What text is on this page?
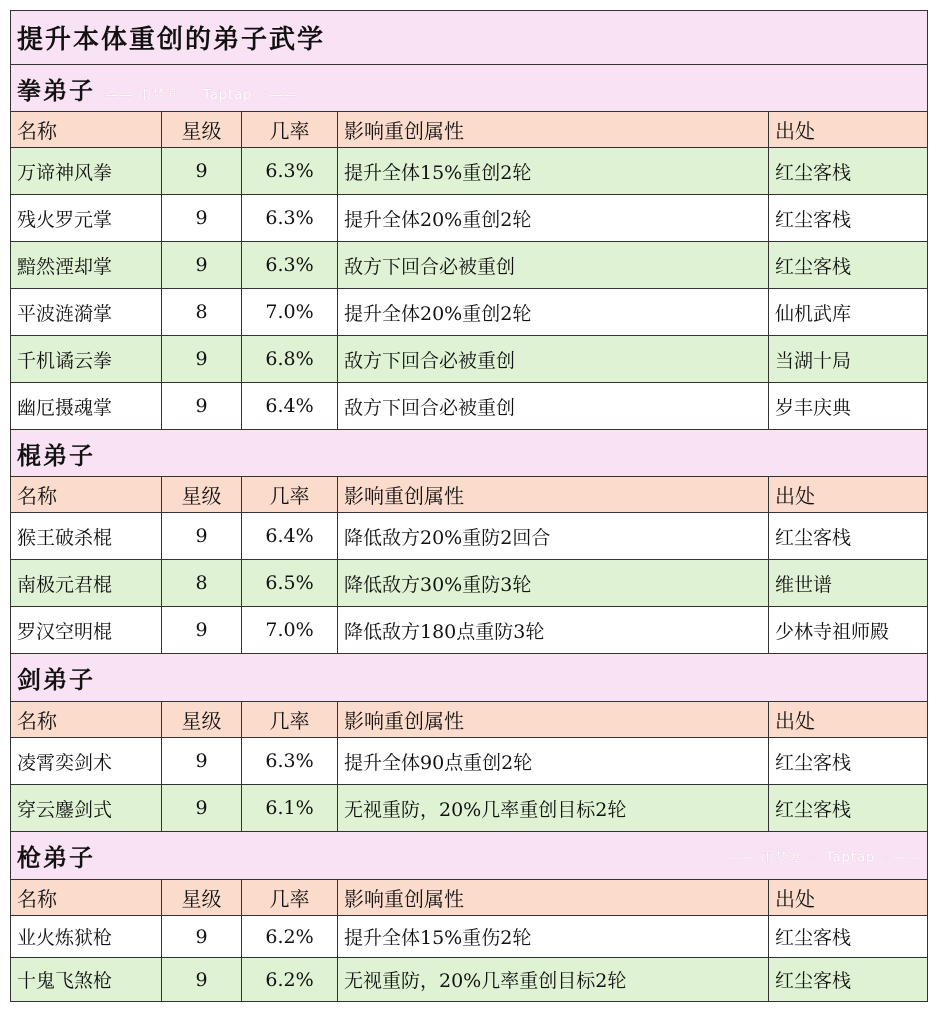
提升本体重创的弟子武学				
拳弟子 —— 雨梦寒 ☆ Taptap ☆——				
名称	星级	几率	影响重创属性	出处
万谛神风拳	9	6.3%	提升全体15%重创2轮	红尘客栈
残火罗元掌	9	6.3%	提升全体20%重创2轮	红尘客栈
黯然湮却掌	9	6.3%	敌方下回合必被重创	红尘客栈
平波涟漪掌	8	7.0%	提升全体20%重创2轮	仙机武库
千机谲云拳	9	6.8%	敌方下回合必被重创	当湖十局
幽厄摄魂掌	9	6.4%	敌方下回合必被重创	岁丰庆典
棍弟子				
名称	星级	几率	影响重创属性	出处
猴王破杀棍	9	6.4%	降低敌方20%重防2回合	红尘客栈
南极元君棍	8	6.5%	降低敌方30%重防3轮	维世谱
罗汉空明棍	9	7.0%	降低敌方180点重防3轮	少林寺祖师殿
剑弟子				
名称	星级	几率	影响重创属性	出处
凌霄奕剑术	9	6.3%	提升全体90点重创2轮	红尘客栈
穿云鏖剑式	9	6.1%	无视重防，20%几率重创目标2轮	红尘客栈
枪弟子 —— 雨梦寒 ☆ Taptap ☆——				

名称	星级	几率	影响重创属性	出处
业火炼狱枪	9	6.2%	提升全体15%重伤2轮	红尘客栈
十鬼飞煞枪	9	6.2%	无视重防，20%几率重创目标2轮	红尘客栈
